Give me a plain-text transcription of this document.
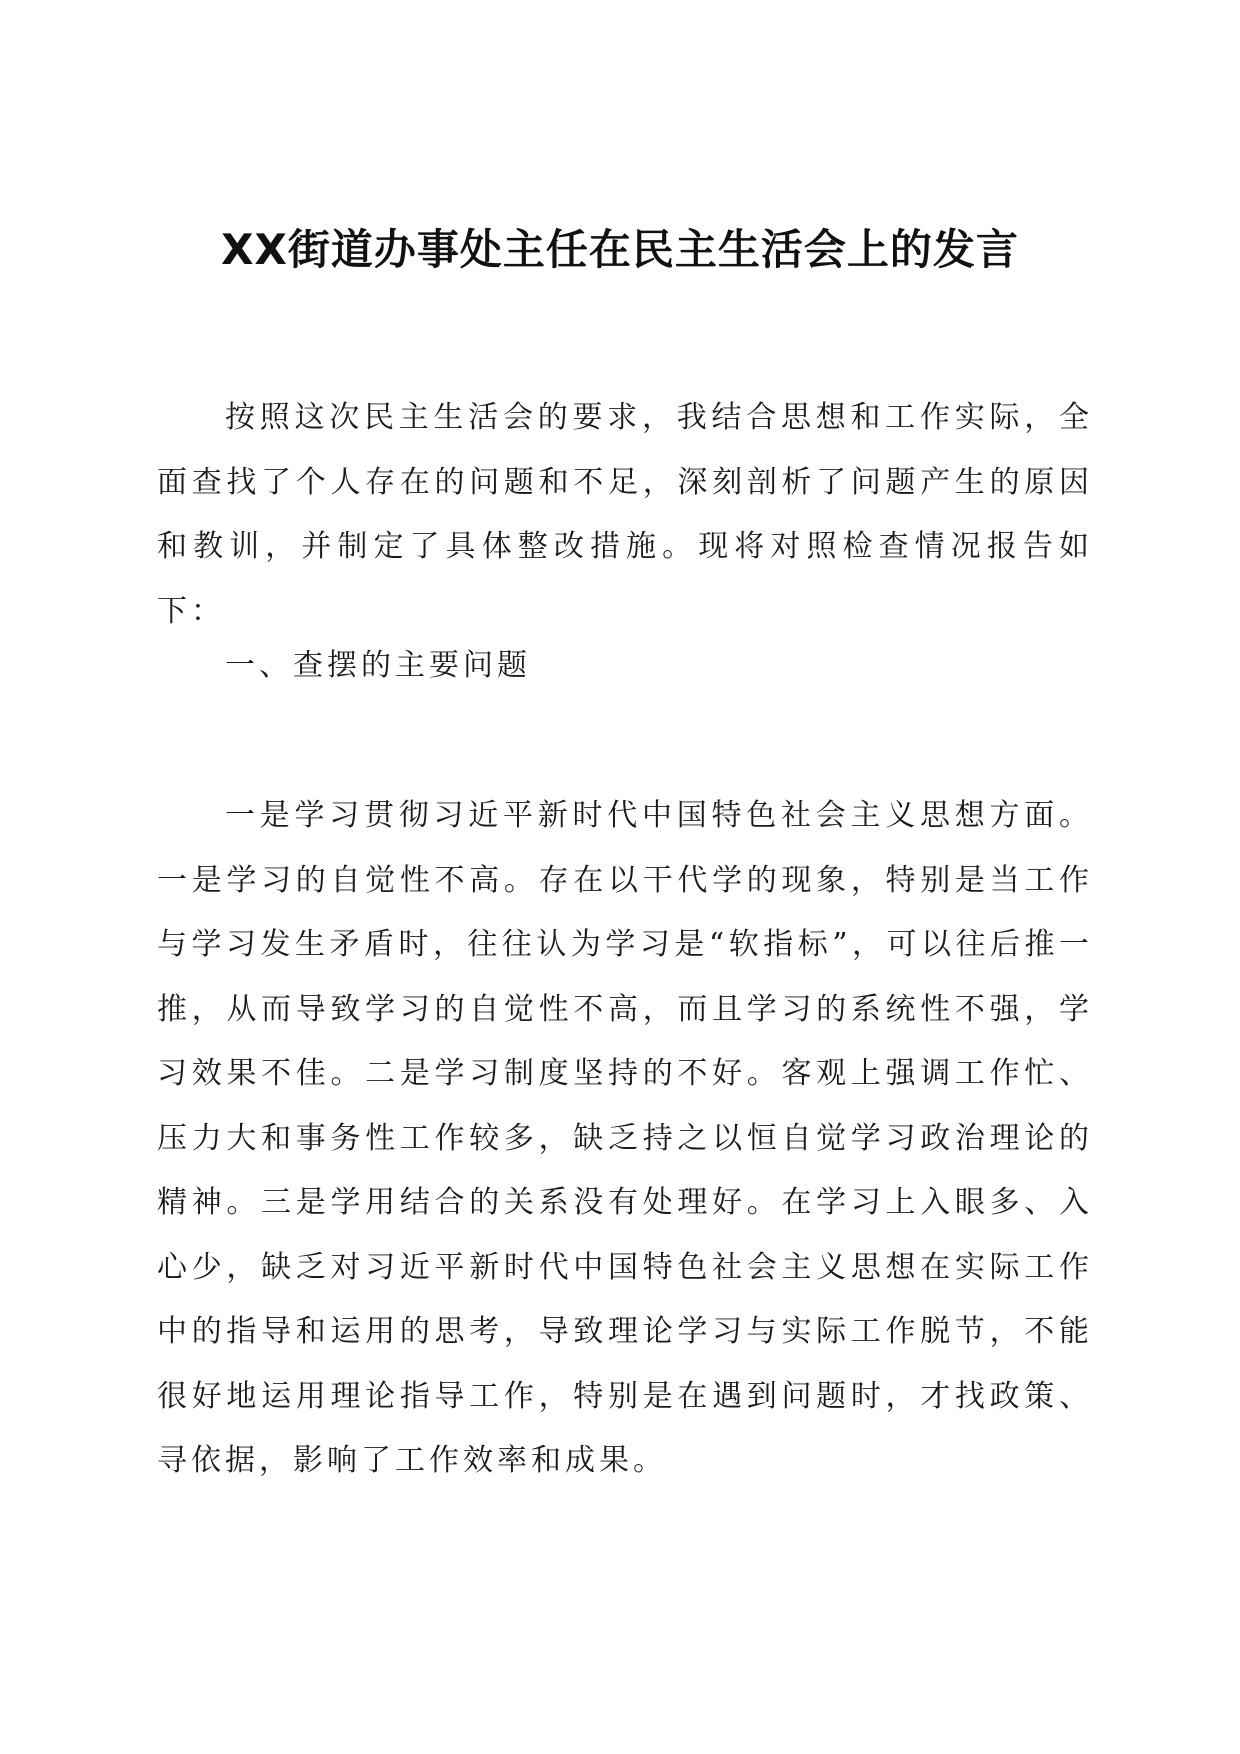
XX街道办事处主任在民主生活会上的发言

按照这次民主生活会的要求，我结合思想和工作实际，全面查找了个人存在的问题和不足，深刻剖析了问题产生的原因和教训，并制定了具体整改措施。现将对照检查情况报告如下：

一、查摆的主要问题

一是学习贯彻习近平新时代中国特色社会主义思想方面。一是学习的自觉性不高。存在以干代学的现象，特别是当工作与学习发生矛盾时，往往认为学习是“软指标”，可以往后推一推，从而导致学习的自觉性不高，而且学习的系统性不强，学习效果不佳。二是学习制度坚持的不好。客观上强调工作忙、压力大和事务性工作较多，缺乏持之以恒自觉学习政治理论的精神。三是学用结合的关系没有处理好。在学习上入眼多、入心少，缺乏对习近平新时代中国特色社会主义思想在实际工作中的指导和运用的思考，导致理论学习与实际工作脱节，不能很好地运用理论指导工作，特别是在遇到问题时，才找政策、寻依据，影响了工作效率和成果。
